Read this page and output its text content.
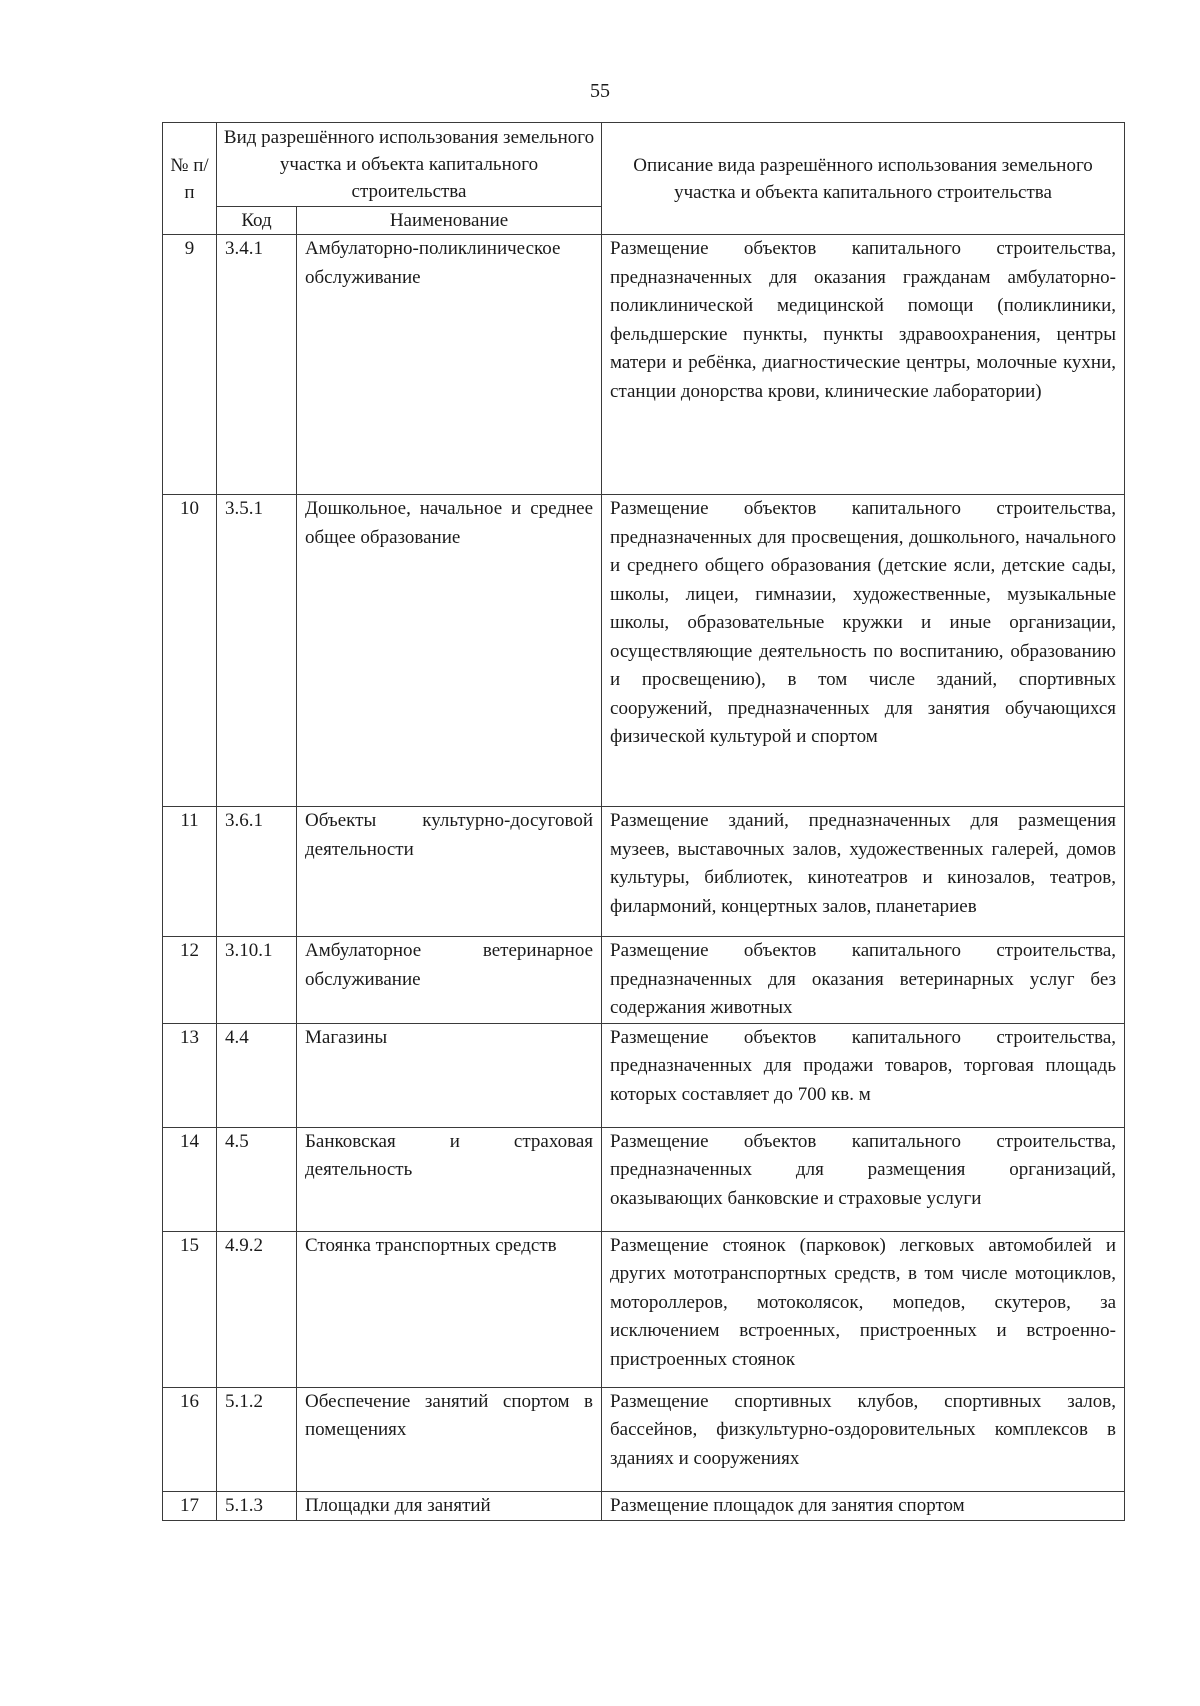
55
№ п/п	Вид разрешённого использования земельного участка и объекта капитального строительства		Описание вида разрешённого использования земельного участка и объекта капитального строительства
	Код	Наименование	
9	3.4.1	Амбулаторно-поликлиническое обслуживание	Размещение объектов капитального строительства, предназначенных для оказания гражданам амбулаторно-поликлинической медицинской помощи (поликлиники, фельдшерские пункты, пункты здравоохранения, центры матери и ребёнка, диагностические центры, молочные кухни, станции донорства крови, клинические лаборатории)
10	3.5.1	Дошкольное, начальное и среднее общее образование	Размещение объектов капитального строительства, предназначенных для просвещения, дошкольного, начального и среднего общего образования (детские ясли, детские сады, школы, лицеи, гимназии, художественные, музыкальные школы, образовательные кружки и иные организации, осуществляющие деятельность по воспитанию, образованию и просвещению), в том числе зданий, спортивных сооружений, предназначенных для занятия обучающихся физической культурой и спортом
11	3.6.1	Объекты культурно-досуговой деятельности	Размещение зданий, предназначенных для размещения музеев, выставочных залов, художественных галерей, домов культуры, библиотек, кинотеатров и кинозалов, театров, филармоний, концертных залов, планетариев
12	3.10.1	Амбулаторное ветеринарное обслуживание	Размещение объектов капитального строительства, предназначенных для оказания ветеринарных услуг без содержания животных
13	4.4	Магазины	Размещение объектов капитального строительства, предназначенных для продажи товаров, торговая площадь которых составляет до 700 кв. м
14	4.5	Банковская и страховая деятельность	Размещение объектов капитального строительства, предназначенных для размещения организаций, оказывающих банковские и страховые услуги
15	4.9.2	Стоянка транспортных средств	Размещение стоянок (парковок) легковых автомобилей и других мототранспортных средств, в том числе мотоциклов, мотороллеров, мотоколясок, мопедов, скутеров, за исключением встроенных, пристроенных и встроенно-пристроенных стоянок
16	5.1.2	Обеспечение занятий спортом в помещениях	Размещение спортивных клубов, спортивных залов, бассейнов, физкультурно-оздоровительных комплексов в зданиях и сооружениях
17	5.1.3	Площадки для занятий	Размещение площадок для занятия спортом
